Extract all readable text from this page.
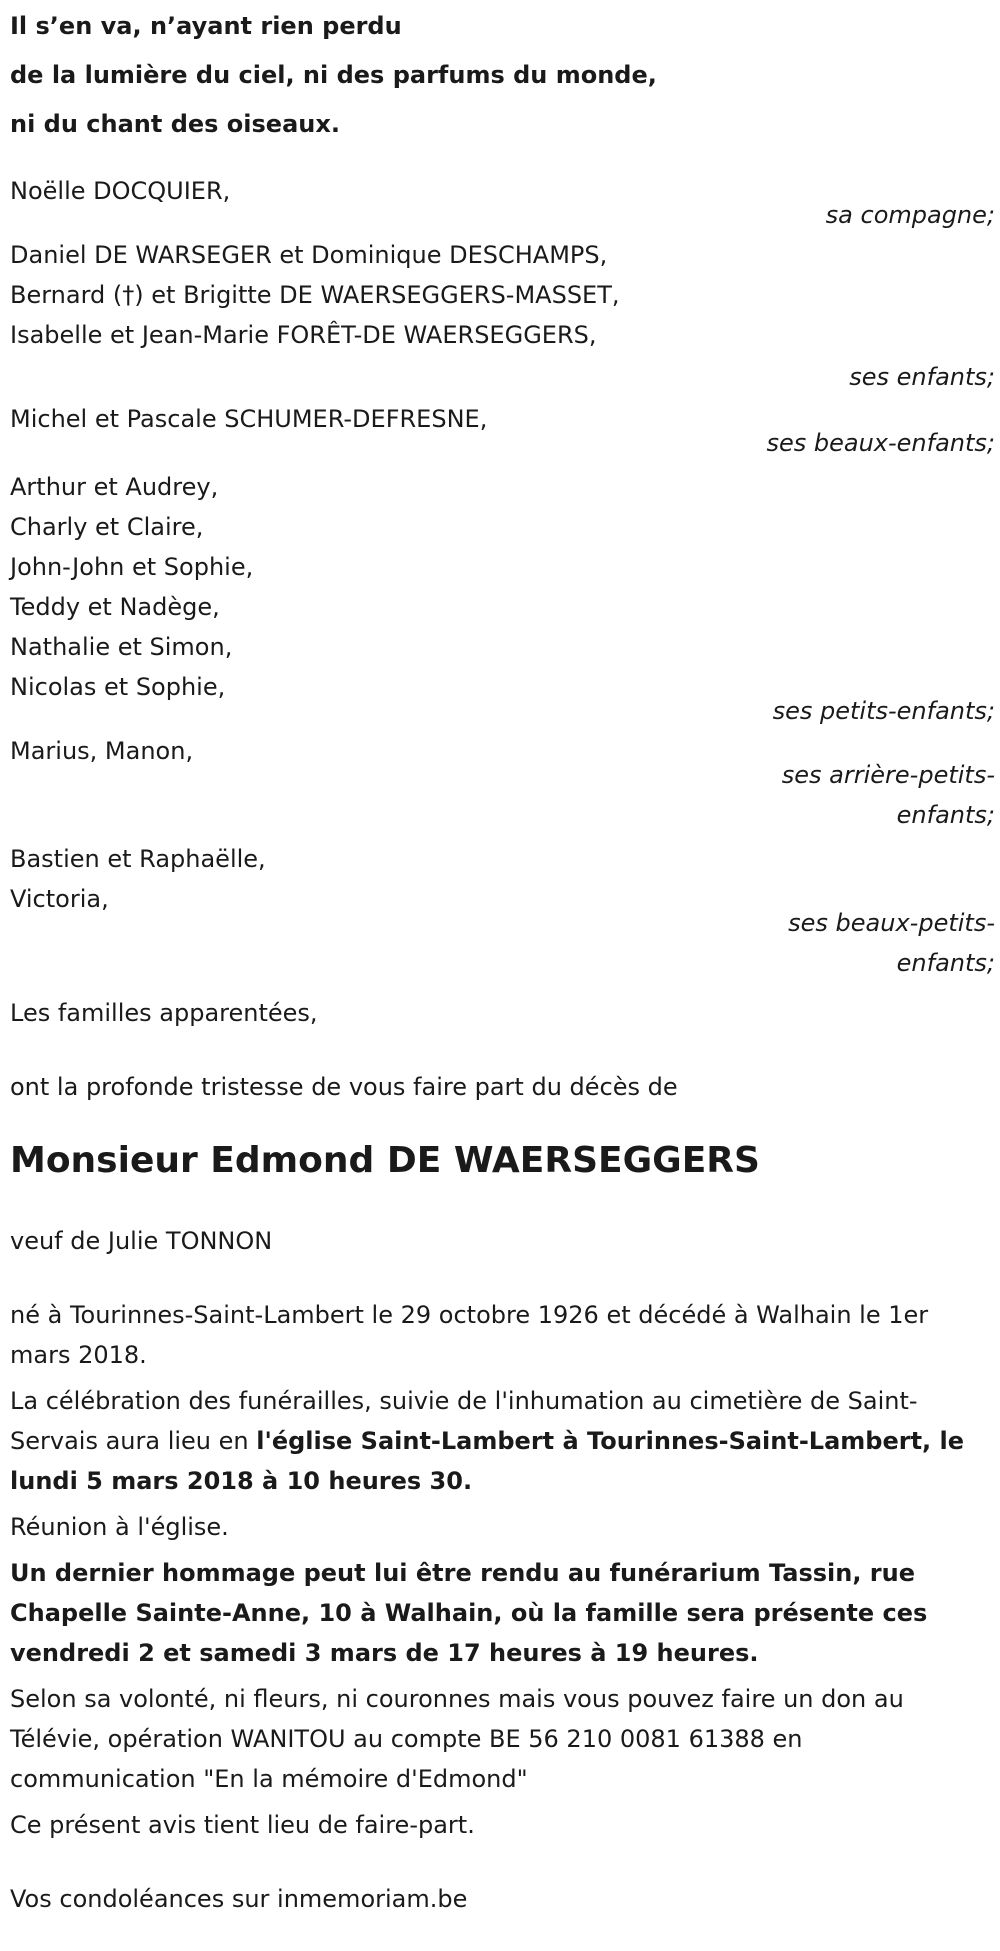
Il s’en va, n’ayant rien perdu
de la lumière du ciel, ni des parfums du monde,
ni du chant des oiseaux.
Noëlle DOCQUIER,
sa compagne;
Daniel DE WARSEGER et Dominique DESCHAMPS,
Bernard (†) et Brigitte DE WAERSEGGERS-MASSET,
Isabelle et Jean-Marie FORÊT-DE WAERSEGGERS,
ses enfants;
Michel et Pascale SCHUMER-DEFRESNE,
ses beaux-enfants;
Arthur et Audrey,
Charly et Claire,
John-John et Sophie,
Teddy et Nadège,
Nathalie et Simon,
Nicolas et Sophie,
ses petits-enfants;
Marius, Manon,
ses arrière-petits-
enfants;
Bastien et Raphaëlle,
Victoria,
ses beaux-petits-
enfants;
Les familles apparentées,
ont la profonde tristesse de vous faire part du décès de
Monsieur Edmond DE WAERSEGGERS
veuf de Julie TONNON
né à Tourinnes-Saint-Lambert le 29 octobre 1926 et décédé à Walhain le 1er mars 2018.
La célébration des funérailles, suivie de l'inhumation au cimetière de Saint-Servais aura lieu en l'église Saint-Lambert à Tourinnes-Saint-Lambert, le lundi 5 mars 2018 à 10 heures 30.
Réunion à l'église.
Un dernier hommage peut lui être rendu au funérarium Tassin, rue Chapelle Sainte-Anne, 10 à Walhain, où la famille sera présente ces vendredi 2 et samedi 3 mars de 17 heures à 19 heures.
Selon sa volonté, ni fleurs, ni couronnes mais vous pouvez faire un don au Télévie, opération WANITOU au compte BE 56 210 0081 61388 en communication "En la mémoire d'Edmond"
Ce présent avis tient lieu de faire-part.
Vos condoléances sur inmemoriam.be
